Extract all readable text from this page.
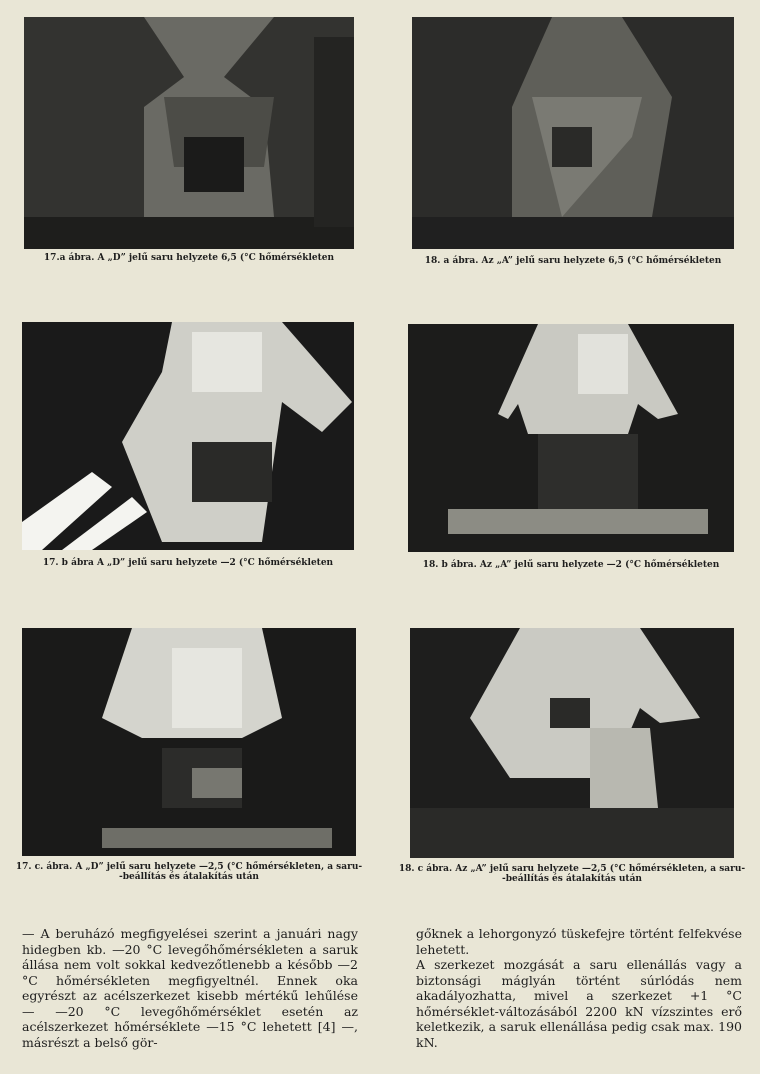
17.a ábra. A „D” jelű saru helyzete 6,5 (°C hőmérsékleten	18. a ábra. Az „A” jelű saru helyzete 6,5 (°C hőmérsékleten
17. b ábra A „D” jelű saru helyzete —2 (°C hőmérsékleten	18. b ábra. Az „A” jelű saru helyzete —2 (°C hőmérsékleten
17. c. ábra. A „D” jelű saru helyzete —2,5 (°C hőmérsékleten, a saru-
-beállítás és átalakítás után
18. c ábra. Az „A” jelű saru helyzete —2,5 (°C hőmérsékleten, a saru-
-beállítás és átalakítás után

— A beruházó megfigyelései szerint a januári nagy hidegben kb. —20 °C levegőhőmérsékleten a saruk állása nem volt sokkal kedvezőtlenebb a később —2 °C hőmérsékleten megfigyeltnél. Ennek oka egyrészt az acélszerkezet kisebb mértékű lehűlése — —20 °C levegőhőmérséklet esetén az acélszerkezet hőmérséklete —15 °C lehetett [4] —, másrészt a belső gör-

gőknek a lehorgonyzó tüskefejre történt felfekvése lehetett.

A szerkezet mozgását a saru ellenállás vagy a biztonsági máglyán történt súrlódás nem akadályozhatta, mivel a szerkezet +1 °C hőmérséklet-változásából 2200 kN vízszintes erő keletkezik, a saruk ellenállása pedig csak max. 190 kN.
